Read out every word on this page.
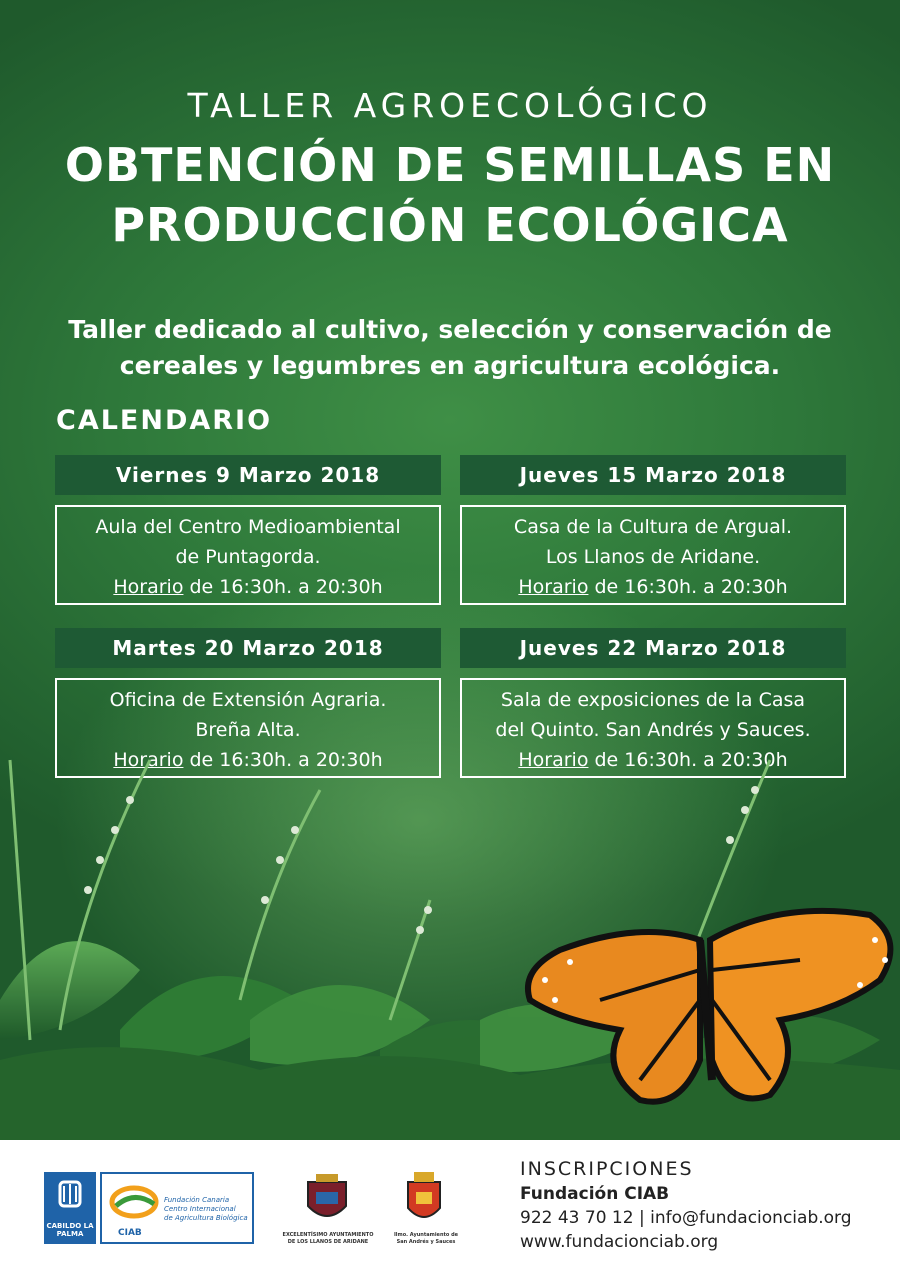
TALLER AGROECOLÓGICO
OBTENCIÓN DE SEMILLAS EN
PRODUCCIÓN ECOLÓGICA
Taller dedicado al cultivo, selección y conservación de
cereales y legumbres en agricultura ecológica.
CALENDARIO
Viernes 9 Marzo 2018
Aula del Centro Medioambiental
de Puntagorda.
Horario de 16:30h. a 20:30h
Jueves 15 Marzo 2018
Casa de la Cultura de Argual.
Los Llanos de Aridane.
Horario de 16:30h. a 20:30h
Martes 20 Marzo 2018
Oficina de Extensión Agraria.
Breña Alta.
Horario de 16:30h. a 20:30h
Jueves 22 Marzo 2018
Sala de exposiciones de la Casa
del Quinto. San Andrés y Sauces.
Horario de 16:30h. a 20:30h
CABILDO LA PALMA
Fundación Canaria
Centro Internacional
de Agricultura Biológica
CIAB	EXCELENTÍSIMO AYUNTAMIENTO
DE LOS LLANOS DE ARIDANE
Ilmo. Ayuntamiento de
San Andrés y Sauces
INSCRIPCIONES
Fundación CIAB
922 43 70 12 | info@fundacionciab.org
www.fundacionciab.org
